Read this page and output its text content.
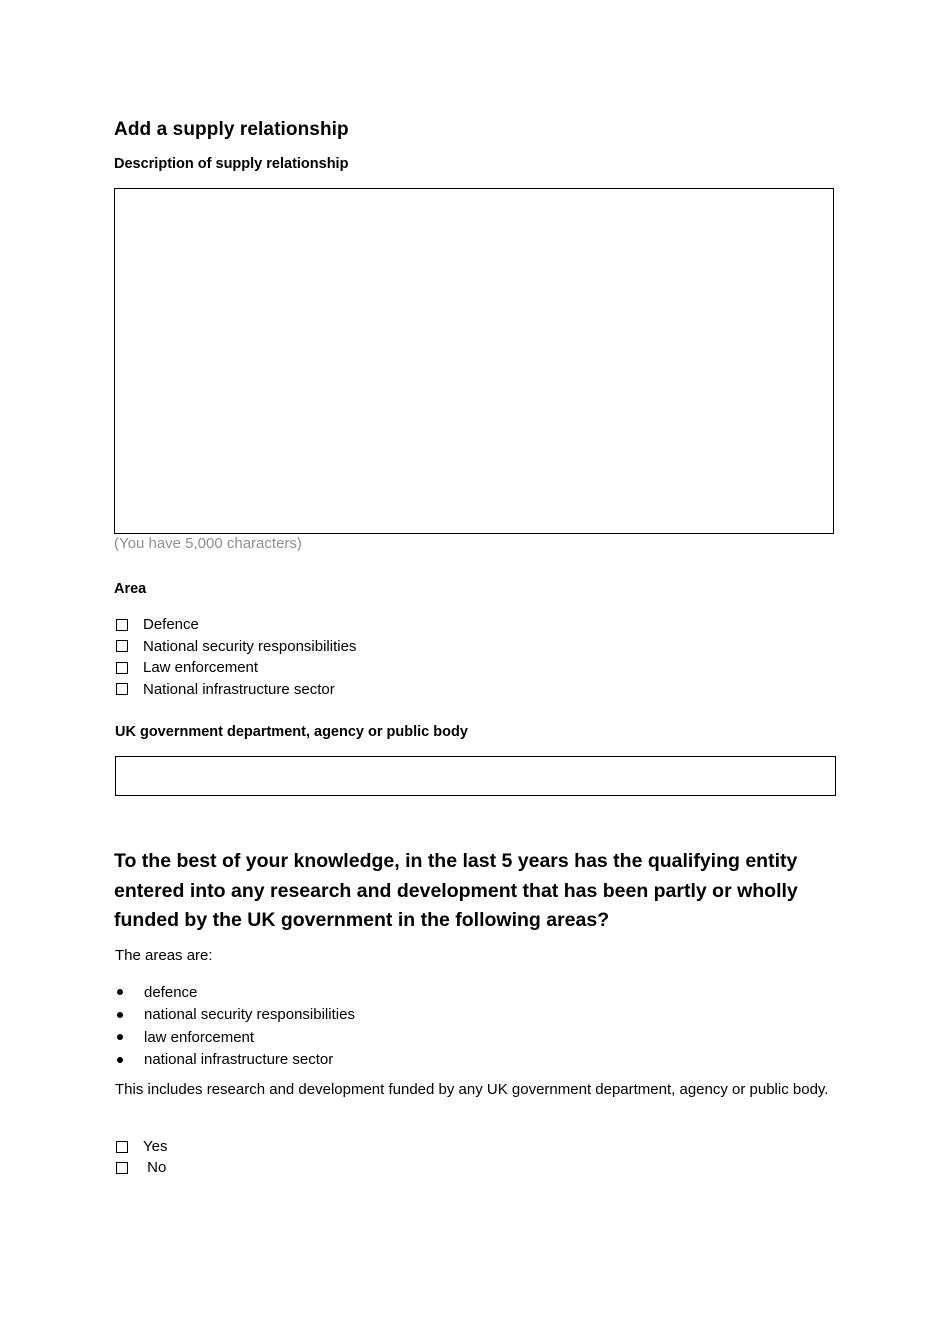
Add a supply relationship
Description of supply relationship
(You have 5,000 characters)
Area
Defence
National security responsibilities
Law enforcement
National infrastructure sector
UK government department, agency or public body
To the best of your knowledge, in the last 5 years has the qualifying entity entered into any research and development that has been partly or wholly funded by the UK government in the following areas?
The areas are:
defence
national security responsibilities
law enforcement
national infrastructure sector
This includes research and development funded by any UK government department, agency or public body.
Yes
No
